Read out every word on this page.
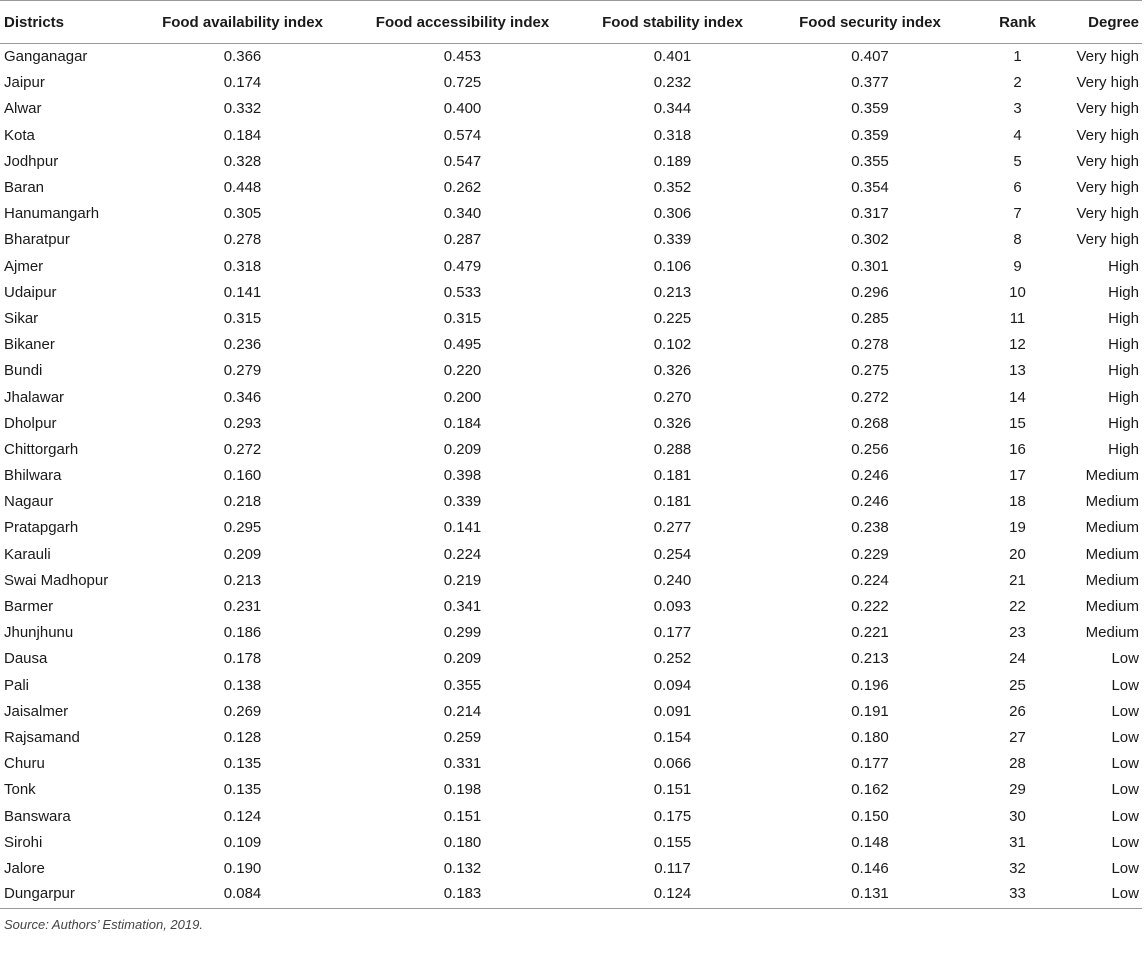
Districts	Food availability index	Food accessibility index	Food stability index	Food security index	Rank	Degree
Ganganagar	0.366	0.453	0.401	0.407	1	Very high
Jaipur	0.174	0.725	0.232	0.377	2	Very high
Alwar	0.332	0.400	0.344	0.359	3	Very high
Kota	0.184	0.574	0.318	0.359	4	Very high
Jodhpur	0.328	0.547	0.189	0.355	5	Very high
Baran	0.448	0.262	0.352	0.354	6	Very high
Hanumangarh	0.305	0.340	0.306	0.317	7	Very high
Bharatpur	0.278	0.287	0.339	0.302	8	Very high
Ajmer	0.318	0.479	0.106	0.301	9	High
Udaipur	0.141	0.533	0.213	0.296	10	High
Sikar	0.315	0.315	0.225	0.285	11	High
Bikaner	0.236	0.495	0.102	0.278	12	High
Bundi	0.279	0.220	0.326	0.275	13	High
Jhalawar	0.346	0.200	0.270	0.272	14	High
Dholpur	0.293	0.184	0.326	0.268	15	High
Chittorgarh	0.272	0.209	0.288	0.256	16	High
Bhilwara	0.160	0.398	0.181	0.246	17	Medium
Nagaur	0.218	0.339	0.181	0.246	18	Medium
Pratapgarh	0.295	0.141	0.277	0.238	19	Medium
Karauli	0.209	0.224	0.254	0.229	20	Medium
Swai Madhopur	0.213	0.219	0.240	0.224	21	Medium
Barmer	0.231	0.341	0.093	0.222	22	Medium
Jhunjhunu	0.186	0.299	0.177	0.221	23	Medium
Dausa	0.178	0.209	0.252	0.213	24	Low
Pali	0.138	0.355	0.094	0.196	25	Low
Jaisalmer	0.269	0.214	0.091	0.191	26	Low
Rajsamand	0.128	0.259	0.154	0.180	27	Low
Churu	0.135	0.331	0.066	0.177	28	Low
Tonk	0.135	0.198	0.151	0.162	29	Low
Banswara	0.124	0.151	0.175	0.150	30	Low
Sirohi	0.109	0.180	0.155	0.148	31	Low
Jalore	0.190	0.132	0.117	0.146	32	Low
Dungarpur	0.084	0.183	0.124	0.131	33	Low
Source: Authors’ Estimation, 2019.
